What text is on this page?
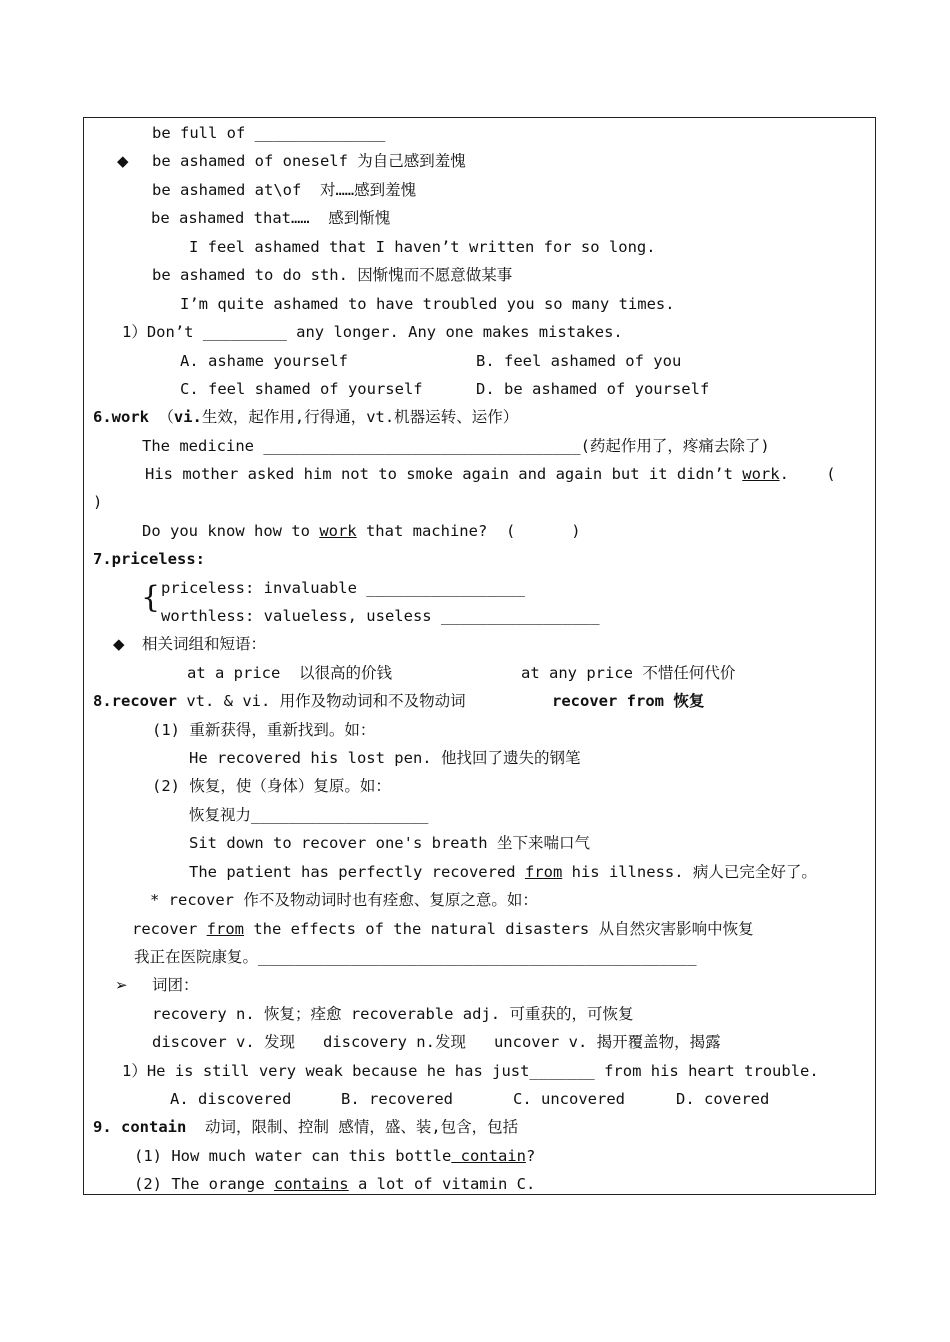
be full of ______________
◆ be ashamed of oneself 为自己感到羞愧
be ashamed at\of  对……感到羞愧
be ashamed that……  感到惭愧
I feel ashamed that I haven’t written for so long.
be ashamed to do sth. 因惭愧而不愿意做某事
I’m quite ashamed to have troubled you so many times.
1）Don’t _________ any longer. Any one makes mistakes.
A. ashame yourself	B. feel ashamed of you
C. feel shamed of yourself	D. be ashamed of yourself
6.work （vi.生效，起作用,行得通，vt.机器运转、运作）
The medicine __________________________________(药起作用了，疼痛去除了)
His mother asked him not to smoke again and again but it didn’t work.    (
)
Do you know how to work that machine?  (      )
7.priceless:
{ priceless: invaluable _________________
worthless: valueless, useless _________________
◆ 相关词组和短语：
at a price  以很高的价钱	at any price 不惜任何代价
8.recover vt. & vi. 用作及物动词和不及物动词	recover from 恢复
(1) 重新获得，重新找到。如：
He recovered his lost pen. 他找回了遗失的钢笔
(2) 恢复，使（身体）复原。如：
恢复视力___________________
Sit down to recover one's breath 坐下来喘口气
The patient has perfectly recovered from his illness. 病人已完全好了。
* recover 作不及物动词时也有痊愈、复原之意。如：
recover from the effects of the natural disasters 从自然灾害影响中恢复
我正在医院康复。_______________________________________________
➢ 词团：
recovery n. 恢复；痊愈 recoverable adj. 可重获的，可恢复
discover v. 发现   discovery n.发现   uncover v. 揭开覆盖物，揭露
1）He is still very weak because he has just_______ from his heart trouble.
A. discovered	B. recovered	C. uncovered	D. covered
9. contain  动词，限制、控制 感情，盛、装,包含，包括
(1) How much water can this bottle contain?
(2) The orange contains a lot of vitamin C.
